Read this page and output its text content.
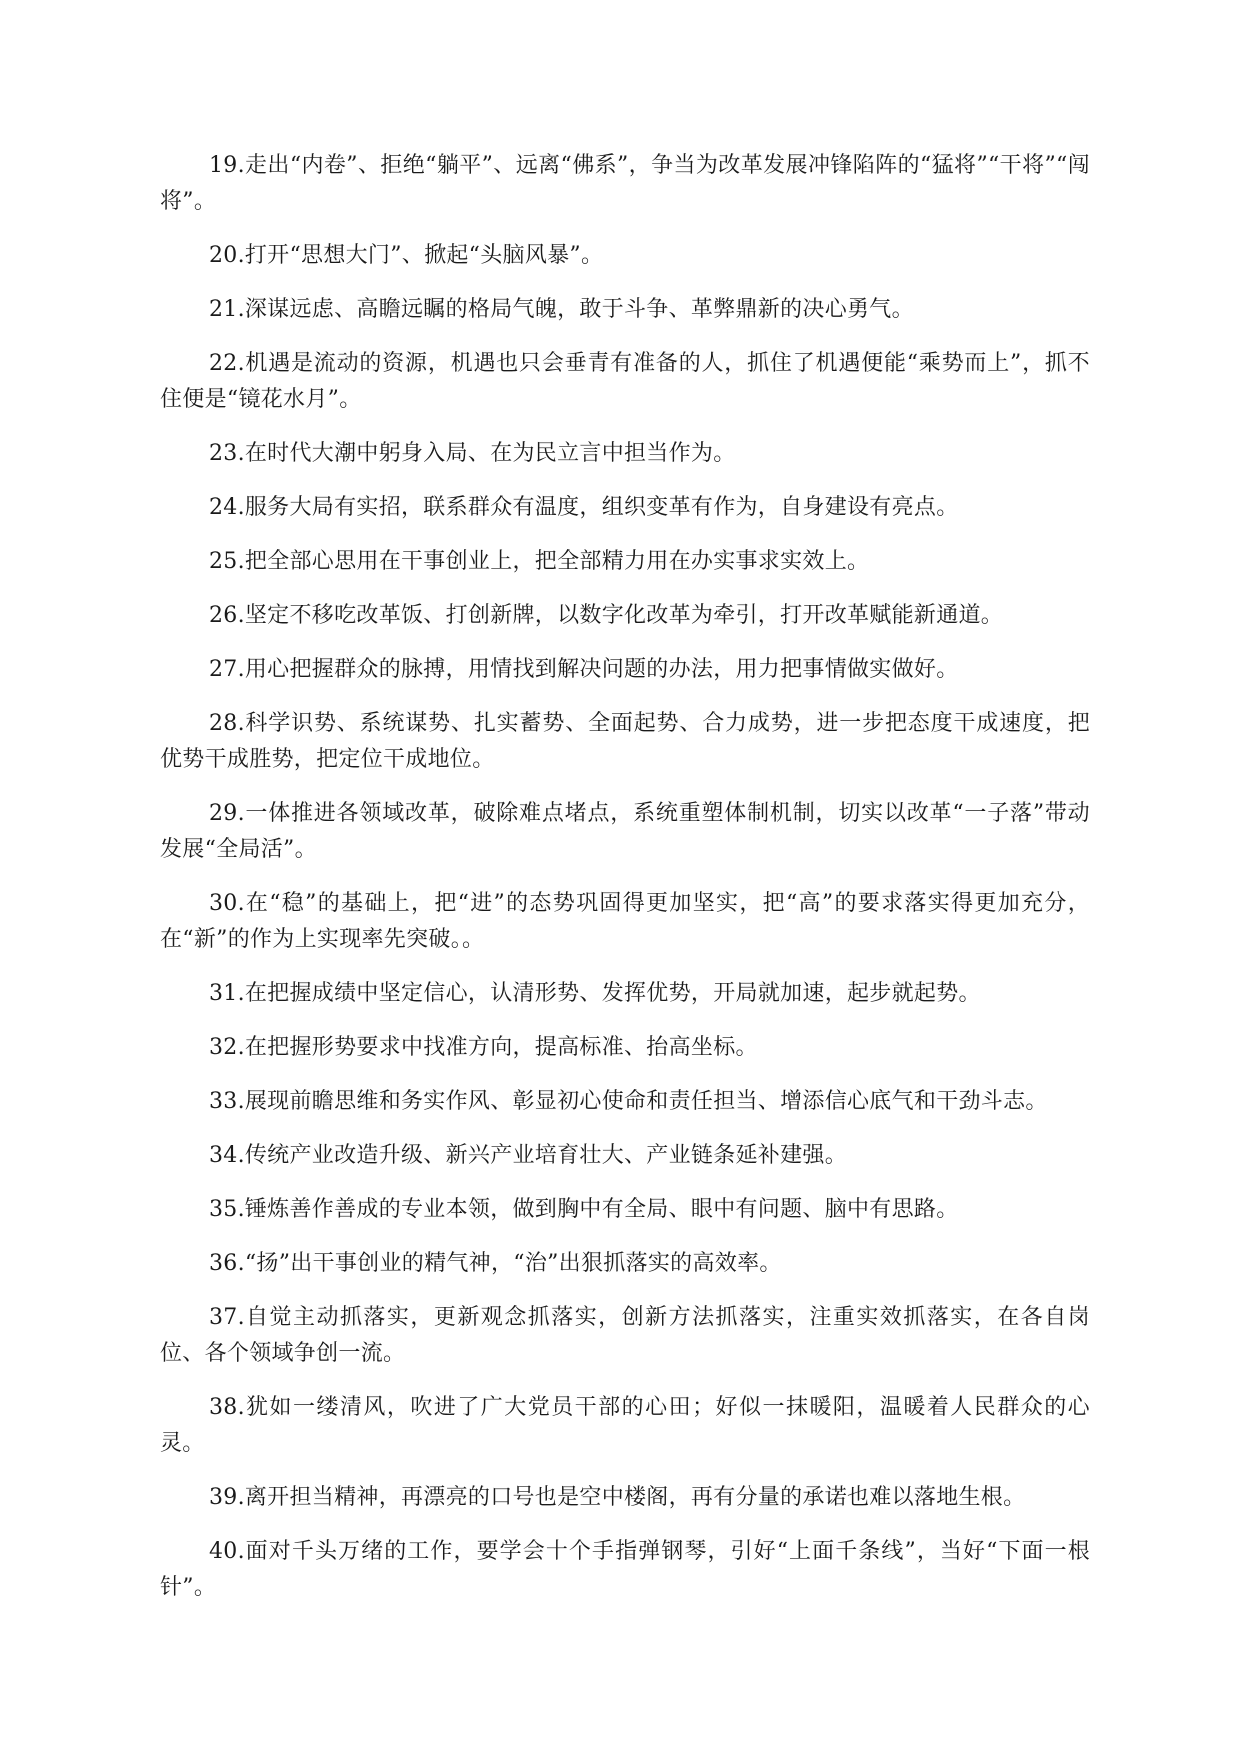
19.走出“内卷”、拒绝“躺平”、远离“佛系”，争当为改革发展冲锋陷阵的“猛将”“干将”“闯将”。

20.打开“思想大门”、掀起“头脑风暴”。

21.深谋远虑、高瞻远瞩的格局气魄，敢于斗争、革弊鼎新的决心勇气。

22.机遇是流动的资源，机遇也只会垂青有准备的人，抓住了机遇便能“乘势而上”，抓不住便是“镜花水月”。

23.在时代大潮中躬身入局、在为民立言中担当作为。

24.服务大局有实招，联系群众有温度，组织变革有作为，自身建设有亮点。

25.把全部心思用在干事创业上，把全部精力用在办实事求实效上。

26.坚定不移吃改革饭、打创新牌，以数字化改革为牵引，打开改革赋能新通道。

27.用心把握群众的脉搏，用情找到解决问题的办法，用力把事情做实做好。

28.科学识势、系统谋势、扎实蓄势、全面起势、合力成势，进一步把态度干成速度，把优势干成胜势，把定位干成地位。

29.一体推进各领域改革，破除难点堵点，系统重塑体制机制，切实以改革“一子落”带动发展“全局活”。

30.在“稳”的基础上，把“进”的态势巩固得更加坚实，把“高”的要求落实得更加充分，在“新”的作为上实现率先突破。。

31.在把握成绩中坚定信心，认清形势、发挥优势，开局就加速，起步就起势。

32.在把握形势要求中找准方向，提高标准、抬高坐标。

33.展现前瞻思维和务实作风、彰显初心使命和责任担当、增添信心底气和干劲斗志。

34.传统产业改造升级、新兴产业培育壮大、产业链条延补建强。

35.锤炼善作善成的专业本领，做到胸中有全局、眼中有问题、脑中有思路。

36.“扬”出干事创业的精气神，“治”出狠抓落实的高效率。

37.自觉主动抓落实，更新观念抓落实，创新方法抓落实，注重实效抓落实，在各自岗位、各个领域争创一流。

38.犹如一缕清风，吹进了广大党员干部的心田；好似一抹暖阳，温暖着人民群众的心灵。

39.离开担当精神，再漂亮的口号也是空中楼阁，再有分量的承诺也难以落地生根。

40.面对千头万绪的工作，要学会十个手指弹钢琴，引好“上面千条线”，当好“下面一根针”。
